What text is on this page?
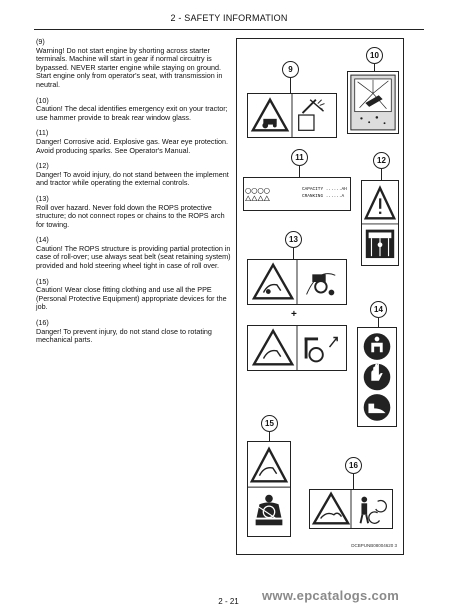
2 - SAFETY INFORMATION

(9)
Warning! Do not start engine by shorting across starter terminals. Machine will start in gear if normal circuitry is bypassed. NEVER starter engine while staying on ground. Start engine only from operator's seat, with transmission in neutral.

(10)
Caution! The decal identifies emergency exit on your tractor; use hammer provide to break rear window glass.

(11)
Danger! Corrosive acid. Explosive gas. Wear eye protection. Avoid producing sparks. See Operator's Manual.

(12)
Danger! To avoid injury, do not stand between the implement and tractor while operating the external controls.

(13)
Roll over hazard. Never fold down the ROPS protective structure; do not connect ropes or chains to the ROPS arch for towing.

(14)
Caution! The ROPS structure is providing partial protection in case of roll-over; use always seat belt (seat retaining system) provided and hold steering wheel tight in case of roll over.

(15)
Caution! Wear close fitting clothing and use all the PPE (Personal Protective Equipment) appropriate devices for the job.

(16)
Danger! To prevent injury, do not stand close to rotating mechanical parts.

9
10
11
CAPACITY ......AH
CRANKING ......A
12
13
+	14
15
16
DCBPUNB08004620 3
2 - 21	www.epcatalogs.com
